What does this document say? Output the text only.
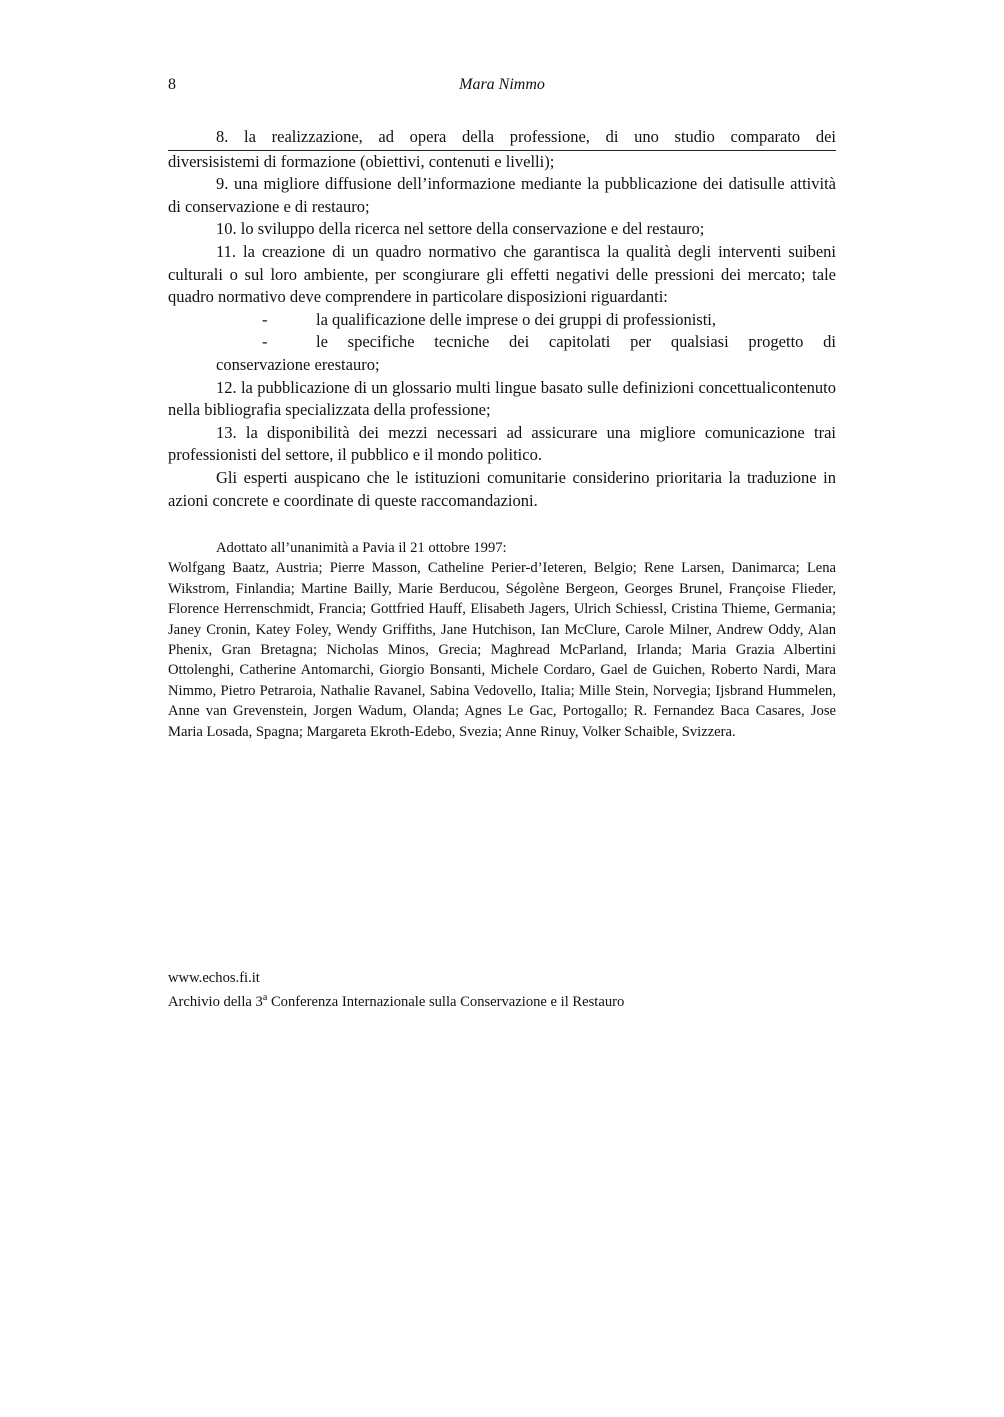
8	Mara Nimmo

8. la realizzazione, ad opera della professione, di uno studio comparato dei

diversisistemi di formazione (obiettivi, contenuti e livelli);

9. una migliore diffusione dell’informazione mediante la pubblicazione dei datisulle attività di conservazione e di restauro;

10. lo sviluppo della ricerca nel settore della conservazione e del restauro;

11. la creazione di un quadro normativo che garantisca la qualità degli interventi suibeni culturali o sul loro ambiente, per scongiurare gli effetti negativi delle pressioni dei mercato; tale quadro normativo deve comprendere in particolare disposizioni riguardanti:

-	la qualificazione delle imprese o dei gruppi di professionisti,

-	le specifiche tecniche dei capitolati per qualsiasi progetto di

conservazione erestauro;

12. la pubblicazione di un glossario multi lingue basato sulle definizioni concettualicontenuto nella bibliografia specializzata della professione;

13. la disponibilità dei mezzi necessari ad assicurare una migliore comunicazione trai professionisti del settore, il pubblico e il mondo politico.

Gli esperti auspicano che le istituzioni comunitarie considerino prioritaria la traduzione in azioni concrete e coordinate di queste raccomandazioni.

Adottato all’unanimità a Pavia il 21 ottobre 1997:

Wolfgang Baatz, Austria; Pierre Masson, Catheline Perier-d’Ieteren, Belgio; Rene Larsen, Danimarca; Lena Wikstrom, Finlandia; Martine Bailly, Marie Berducou, Ségolène Bergeon, Georges Brunel, Françoise Flieder, Florence Herrenschmidt, Francia; Gottfried Hauff, Elisabeth Jagers, Ulrich Schiessl, Cristina Thieme, Germania; Janey Cronin, Katey Foley, Wendy Griffiths, Jane Hutchison, Ian McClure, Carole Milner, Andrew Oddy, Alan Phenix, Gran Bretagna; Nicholas Minos, Grecia; Maghread McParland, Irlanda; Maria Grazia Albertini Ottolenghi, Catherine Antomarchi, Giorgio Bonsanti, Michele Cordaro, Gael de Guichen, Roberto Nardi, Mara Nimmo, Pietro Petraroia, Nathalie Ravanel, Sabina Vedovello, Italia; Mille Stein, Norvegia; Ijsbrand Hummelen, Anne van Grevenstein, Jorgen Wadum, Olanda; Agnes Le Gac, Portogallo; R. Fernandez Baca Casares, Jose Maria Losada, Spagna; Margareta Ekroth-Edebo, Svezia; Anne Rinuy, Volker Schaible, Svizzera.

www.echos.fi.it

Archivio della 3$^a$ Conferenza Internazionale sulla Conservazione e il Restauro
